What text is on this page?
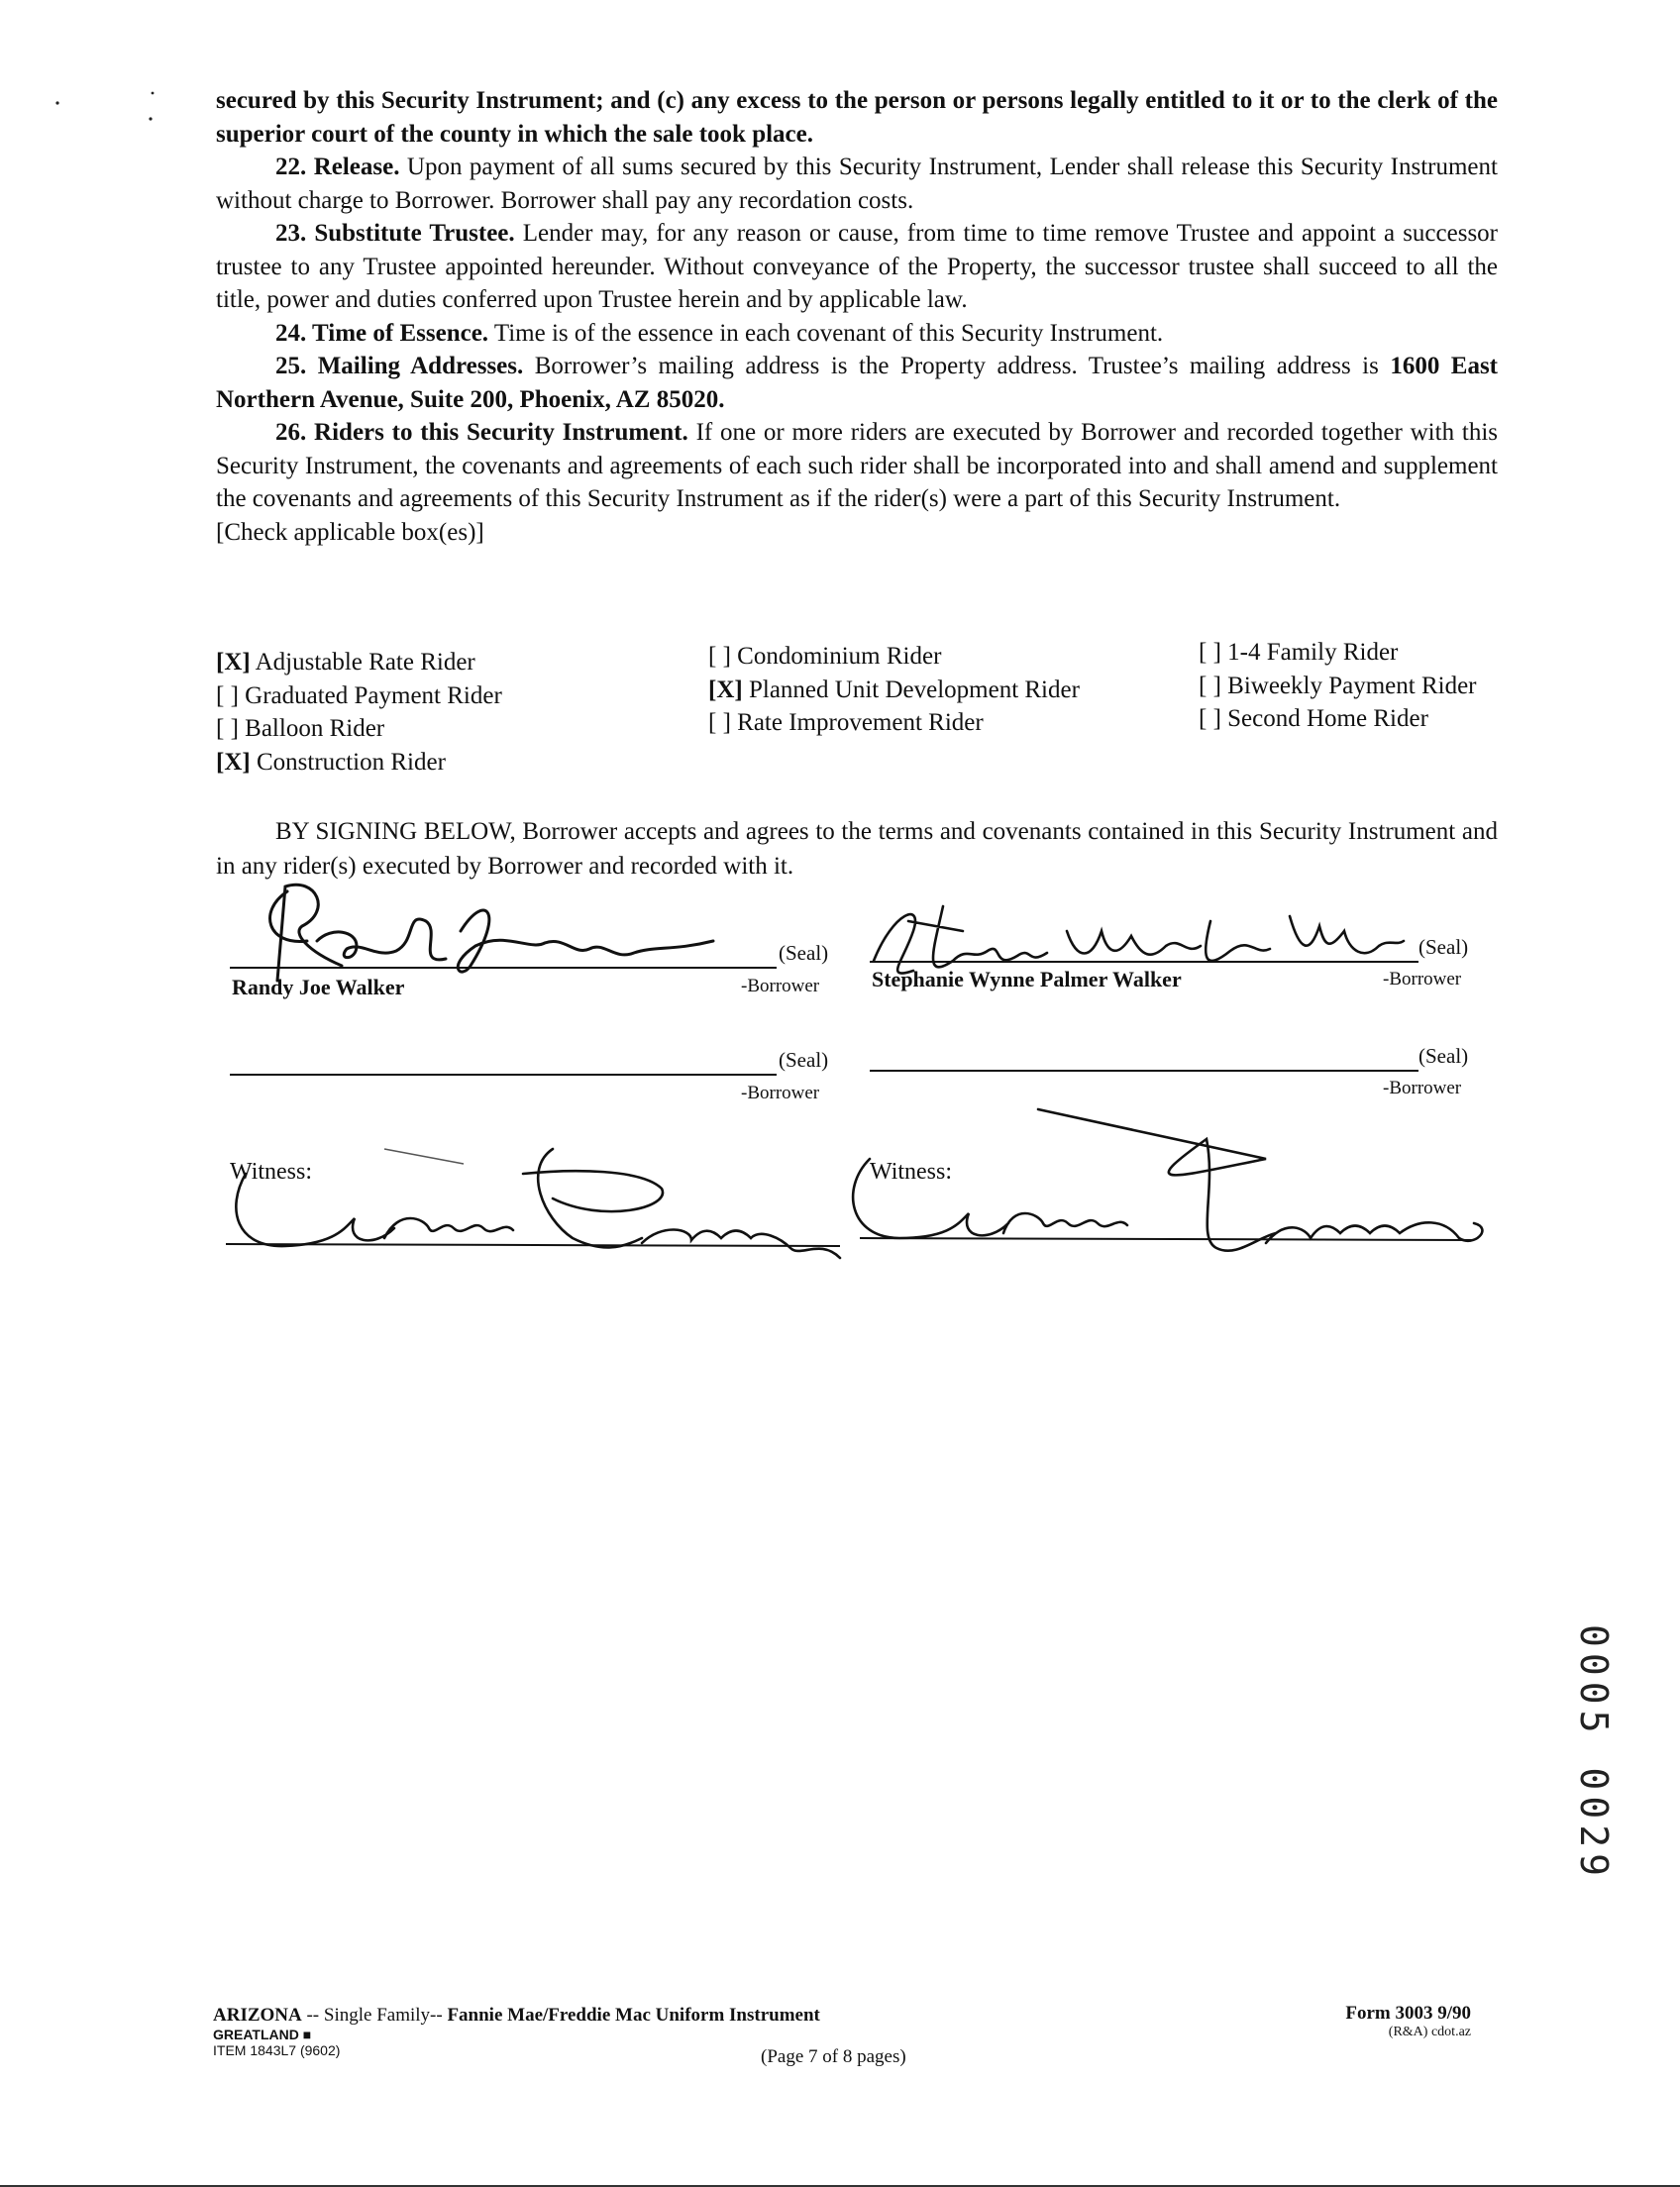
secured by this Security Instrument; and (c) any excess to the person or persons legally entitled to it or to the clerk of the superior court of the county in which the sale took place.

22. Release. Upon payment of all sums secured by this Security Instrument, Lender shall release this Security Instrument without charge to Borrower. Borrower shall pay any recordation costs.

23. Substitute Trustee. Lender may, for any reason or cause, from time to time remove Trustee and appoint a successor trustee to any Trustee appointed hereunder. Without conveyance of the Property, the successor trustee shall succeed to all the title, power and duties conferred upon Trustee herein and by applicable law.

24. Time of Essence. Time is of the essence in each covenant of this Security Instrument.

25. Mailing Addresses. Borrower’s mailing address is the Property address. Trustee’s mailing address is 1600 East Northern Avenue, Suite 200, Phoenix, AZ 85020.

26. Riders to this Security Instrument. If one or more riders are executed by Borrower and recorded together with this Security Instrument, the covenants and agreements of each such rider shall be incorporated into and shall amend and supplement the covenants and agreements of this Security Instrument as if the rider(s) were a part of this Security Instrument.

[Check applicable box(es)]

[X] Adjustable Rate Rider
[ ] Graduated Payment Rider
[ ] Balloon Rider
[X] Construction Rider
[ ] Condominium Rider
[X] Planned Unit Development Rider
[ ] Rate Improvement Rider
[ ] 1-4 Family Rider
[ ] Biweekly Payment Rider
[ ] Second Home Rider

BY SIGNING BELOW, Borrower accepts and agrees to the terms and covenants contained in this Security Instrument and in any rider(s) executed by Borrower and recorded with it.

(Seal)
-Borrower
Randy Joe Walker
(Seal)
-Borrower
Stephanie Wynne Palmer Walker
(Seal)
-Borrower
(Seal)
-Borrower
Witness:	Witness:
ARIZONA -- Single Family-- Fannie Mae/Freddie Mac Uniform Instrument
GREATLAND ■
ITEM 1843L7 (9602)	(Page 7 of 8 pages)
Form 3003 9/90
(R&A) cdot.az
0005 0029
